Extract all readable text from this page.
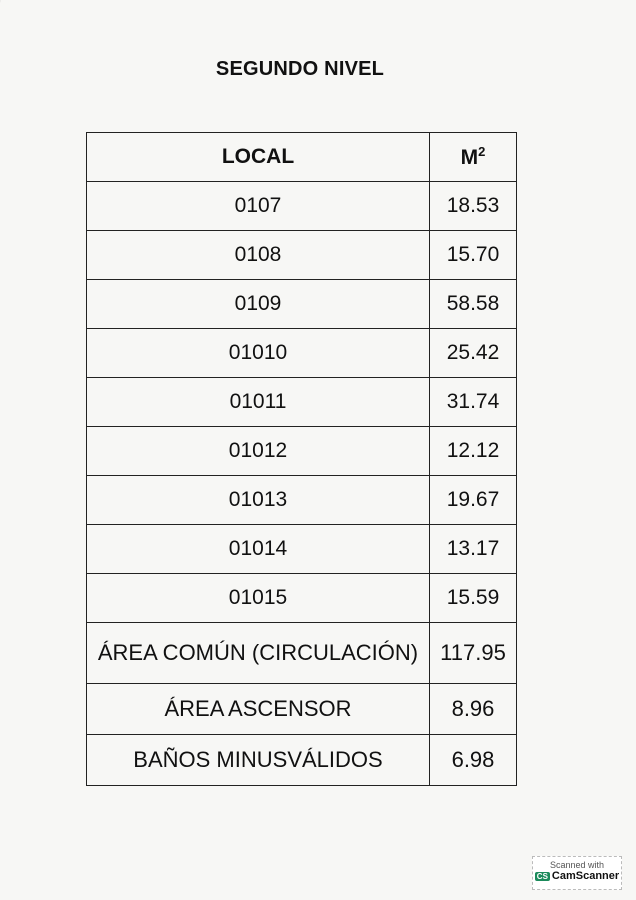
SEGUNDO NIVEL
LOCAL	$M^2$
0107	18.53
0108	15.70
0109	58.58
01010	25.42
01011	31.74
01012	12.12
01013	19.67
01014	13.17
01015	15.59
ÁREA COMÚN (CIRCULACIÓN)	117.95
ÁREA ASCENSOR	8.96
BAÑOS MINUSVÁLIDOS	6.98
Scanned with
CS CamScanner
